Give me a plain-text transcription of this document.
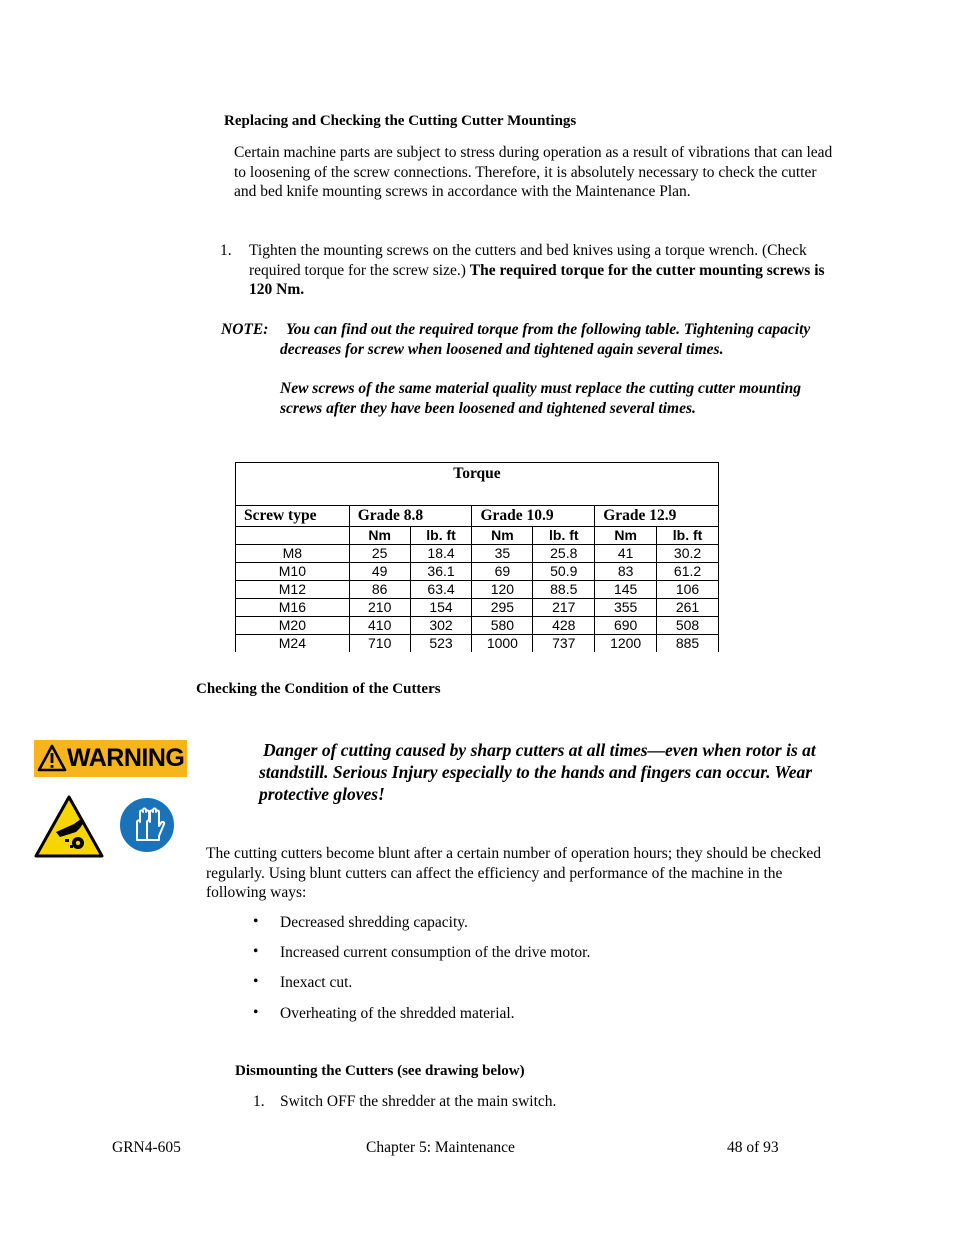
Replacing and Checking the Cutting Cutter Mountings

Certain machine parts are subject to stress during operation as a result of vibrations that can lead to loosening of the screw connections. Therefore, it is absolutely necessary to check the cutter and bed knife mounting screws in accordance with the Maintenance Plan.

1. Tighten the mounting screws on the cutters and bed knives using a torque wrench. (Check required torque for the screw size.) The required torque for the cutter mounting screws is 120 Nm.

NOTE:	You can find out the required torque from the following table. Tightening capacity decreases for screw when loosened and tightened again several times.

New screws of the same material quality must replace the cutting cutter mounting screws after they have been loosened and tightened several times.

Torque						
Screw type	Grade 8.8		Grade 10.9		Grade 12.9	
	Nm	lb. ft	Nm	lb. ft	Nm	lb. ft
M8	25	18.4	35	25.8	41	30.2
M10	49	36.1	69	50.9	83	61.2
M12	86	63.4	120	88.5	145	106
M16	210	154	295	217	355	261
M20	410	302	580	428	690	508
M24	710	523	1000	737	1200	885
Checking the Condition of the Cutters
WARNING	Danger of cutting caused by sharp cutters at all times—even when rotor is at standstill. Serious Injury especially to the hands and fingers can occur. Wear protective gloves!

The cutting cutters become blunt after a certain number of operation hours; they should be checked regularly. Using blunt cutters can affect the efficiency and performance of the machine in the following ways:

• Decreased shredding capacity.
• Increased current consumption of the drive motor.
• Inexact cut.
• Overheating of the shredded material.
Dismounting the Cutters (see drawing below)
1. Switch OFF the shredder at the main switch.
GRN4-605	Chapter 5: Maintenance	48 of 93
